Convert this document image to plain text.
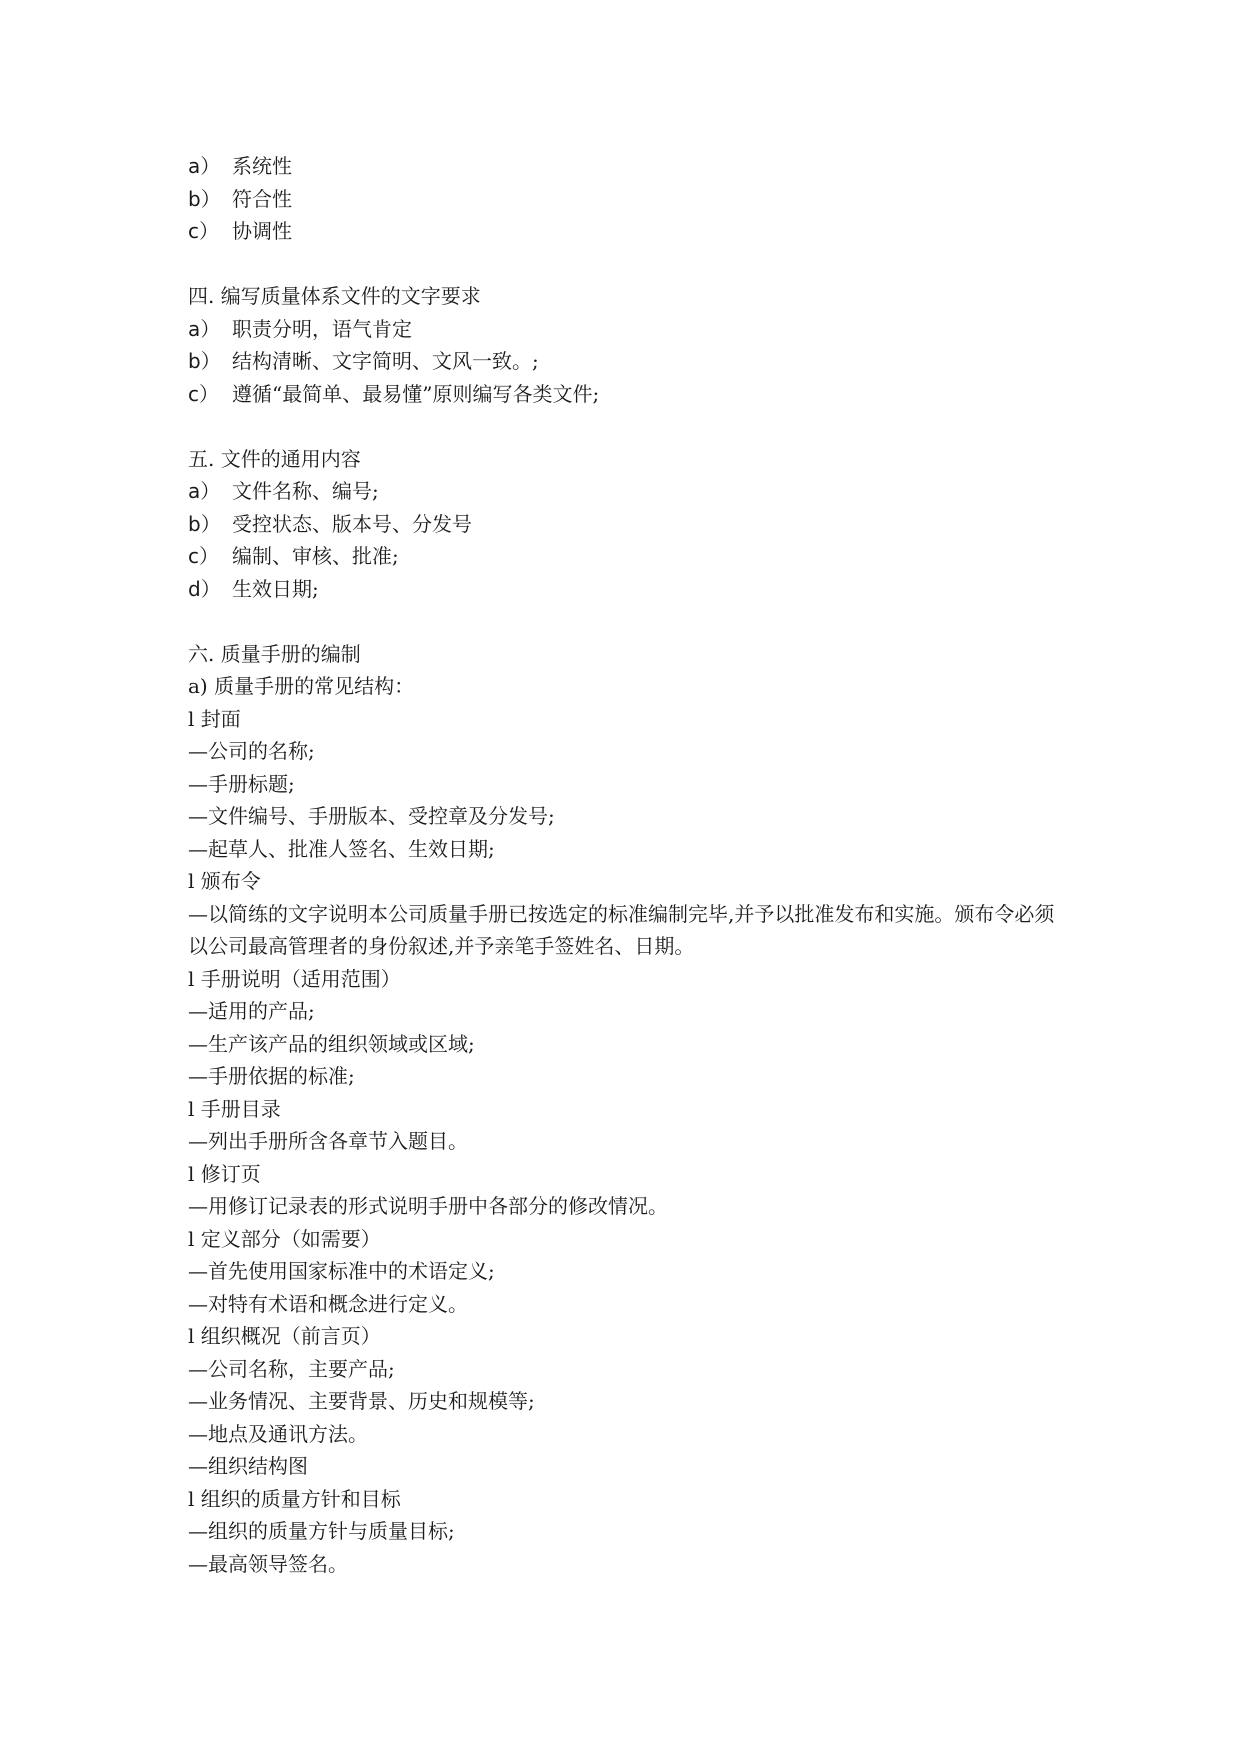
a） 系统性
b） 符合性
c） 协调性
四. 编写质量体系文件的文字要求
a） 职责分明，语气肯定
b） 结构清晰、文字简明、文风一致。;
c） 遵循“最简单、最易懂”原则编写各类文件;
五. 文件的通用内容
a） 文件名称、编号;
b） 受控状态、版本号、分发号
c） 编制、审核、批准;
d） 生效日期;
六. 质量手册的编制
a) 质量手册的常见结构：
l 封面
—公司的名称;
—手册标题;
—文件编号、手册版本、受控章及分发号;
—起草人、批准人签名、生效日期;
l 颁布令
—以简练的文字说明本公司质量手册已按选定的标准编制完毕,并予以批准发布和实施。颁布令必须以公司最高管理者的身份叙述,并予亲笔手签姓名、日期。
l 手册说明（适用范围）
—适用的产品;
—生产该产品的组织领域或区域;
—手册依据的标准;
l 手册目录
—列出手册所含各章节入题目。
l 修订页
—用修订记录表的形式说明手册中各部分的修改情况。
l 定义部分（如需要）
—首先使用国家标准中的术语定义;
—对特有术语和概念进行定义。
l 组织概况（前言页）
—公司名称，主要产品;
—业务情况、主要背景、历史和规模等;
—地点及通讯方法。
—组织结构图
l 组织的质量方针和目标
—组织的质量方针与质量目标;
—最高领导签名。
